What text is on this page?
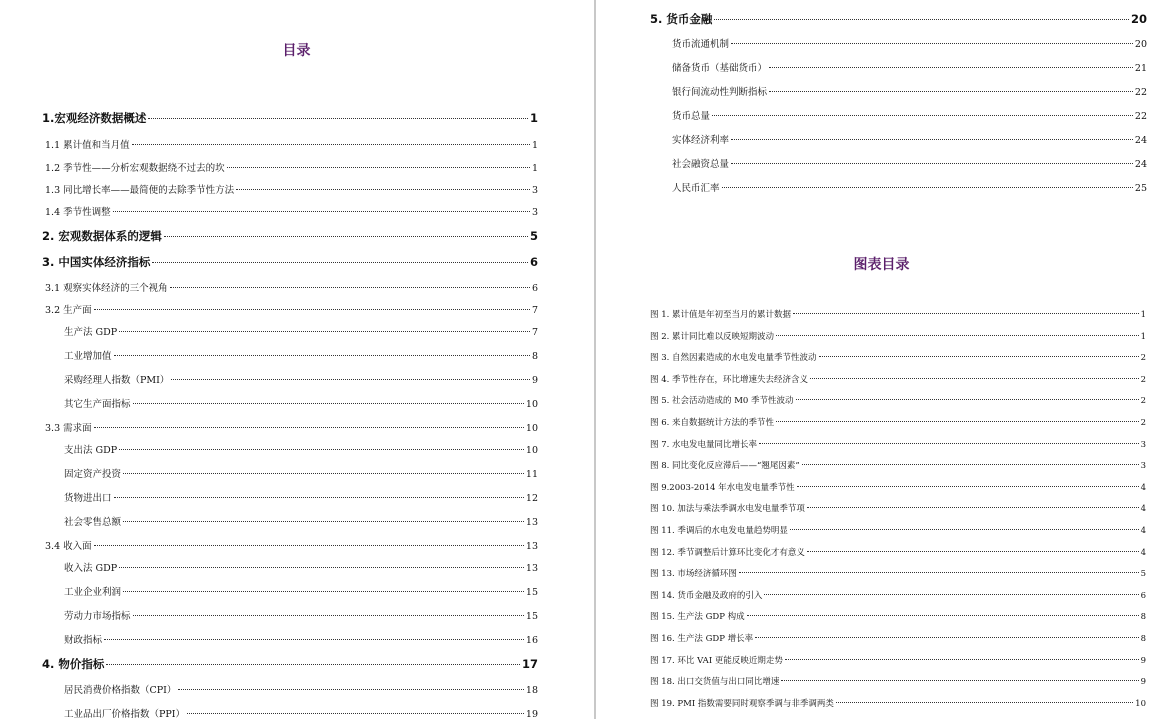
目录
1.宏观经济数据概述	1
1.1 累计值和当月值	1
1.2 季节性——分析宏观数据绕不过去的坎	1
1.3 同比增长率——最简便的去除季节性方法	3
1.4 季节性调整	3
2. 宏观数据体系的逻辑	5
3. 中国实体经济指标	6
3.1 观察实体经济的三个视角	6
3.2 生产面	7
生产法 GDP	7
工业增加值	8
采购经理人指数（PMI）	9
其它生产面指标	10
3.3 需求面	10
支出法 GDP	10
固定资产投资	11
货物进出口	12
社会零售总额	13
3.4 收入面	13
收入法 GDP	13
工业企业利润	15
劳动力市场指标	15
财政指标	16
4. 物价指标	17
居民消费价格指数（CPI）	18
工业品出厂价格指数（PPI）	19
5. 货币金融	20
货币流通机制	20
储备货币（基础货币）	21
银行间流动性判断指标	22
货币总量	22
实体经济利率	24
社会融资总量	24
人民币汇率	25
图表目录
图 1. 累计值是年初至当月的累计数据	1
图 2. 累计同比难以反映短期波动	1
图 3. 自然因素造成的水电发电量季节性波动	2
图 4. 季节性存在，环比增速失去经济含义	2
图 5. 社会活动造成的 M0 季节性波动	2
图 6. 来自数据统计方法的季节性	2
图 7. 水电发电量同比增长率	3
图 8. 同比变化反应滞后——“翘尾因素”	3
图 9.2003-2014 年水电发电量季节性	4
图 10. 加法与乘法季调水电发电量季节项	4
图 11. 季调后的水电发电量趋势明显	4
图 12. 季节调整后计算环比变化才有意义	4
图 13. 市场经济循环图	5
图 14. 货币金融及政府的引入	6
图 15. 生产法 GDP 构成	8
图 16. 生产法 GDP 增长率	8
图 17. 环比 VAI 更能反映近期走势	9
图 18. 出口交货值与出口同比增速	9
图 19. PMI 指数需要同时观察季调与非季调两类	10
